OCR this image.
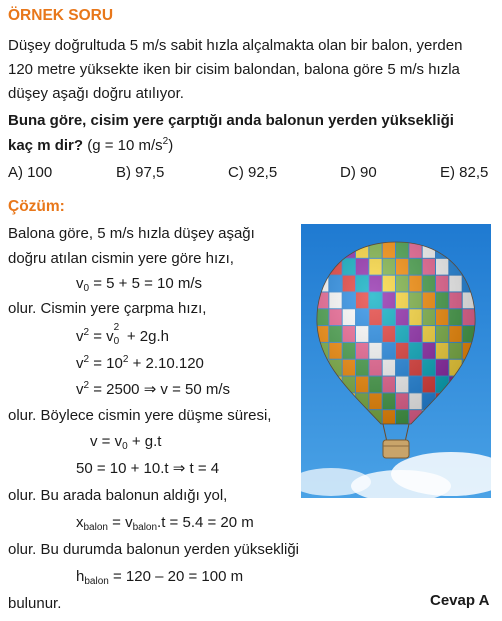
ÖRNEK SORU
Düşey doğrultuda 5 m/s sabit hızla alçalmakta olan bir balon, yerden
120 metre yüksekte iken bir cisim balondan, balona göre 5 m/s hızla
düşey aşağı doğru atılıyor.
Buna göre, cisim yere çarptığı anda balonun yerden yüksekliği
kaç m dir? (g = 10 $m/s^2$)
A) 100	B) 97,5	C) 92,5	D) 90	E) 82,5
Çözüm:
Balona göre, 5 m/s hızla düşey aşağı
doğru atılan cismin yere göre hızı,
$v_0 = 5 + 5 = 10$ m/s
olur. Cismin yere çarpma hızı,
$v^2 = v$
2
0 + 2g.h
$v^2 = 10^2 + 2.10.120$
$v^2 = 2500$ ⇒ v = 50 m/s
olur. Böylece cismin yere düşme süresi,
$v = v_0 + g.t$
50 = 10 + 10.t ⇒ t = 4
olur. Bu arada balonun aldığı yol,
$x_{balon} = v_{balon}.t = 5.4 = 20$ m
olur. Bu durumda balonun yerden yüksekliği
$h_{balon} = 120 - 20 = 100$ m
bulunur.	Cevap A
